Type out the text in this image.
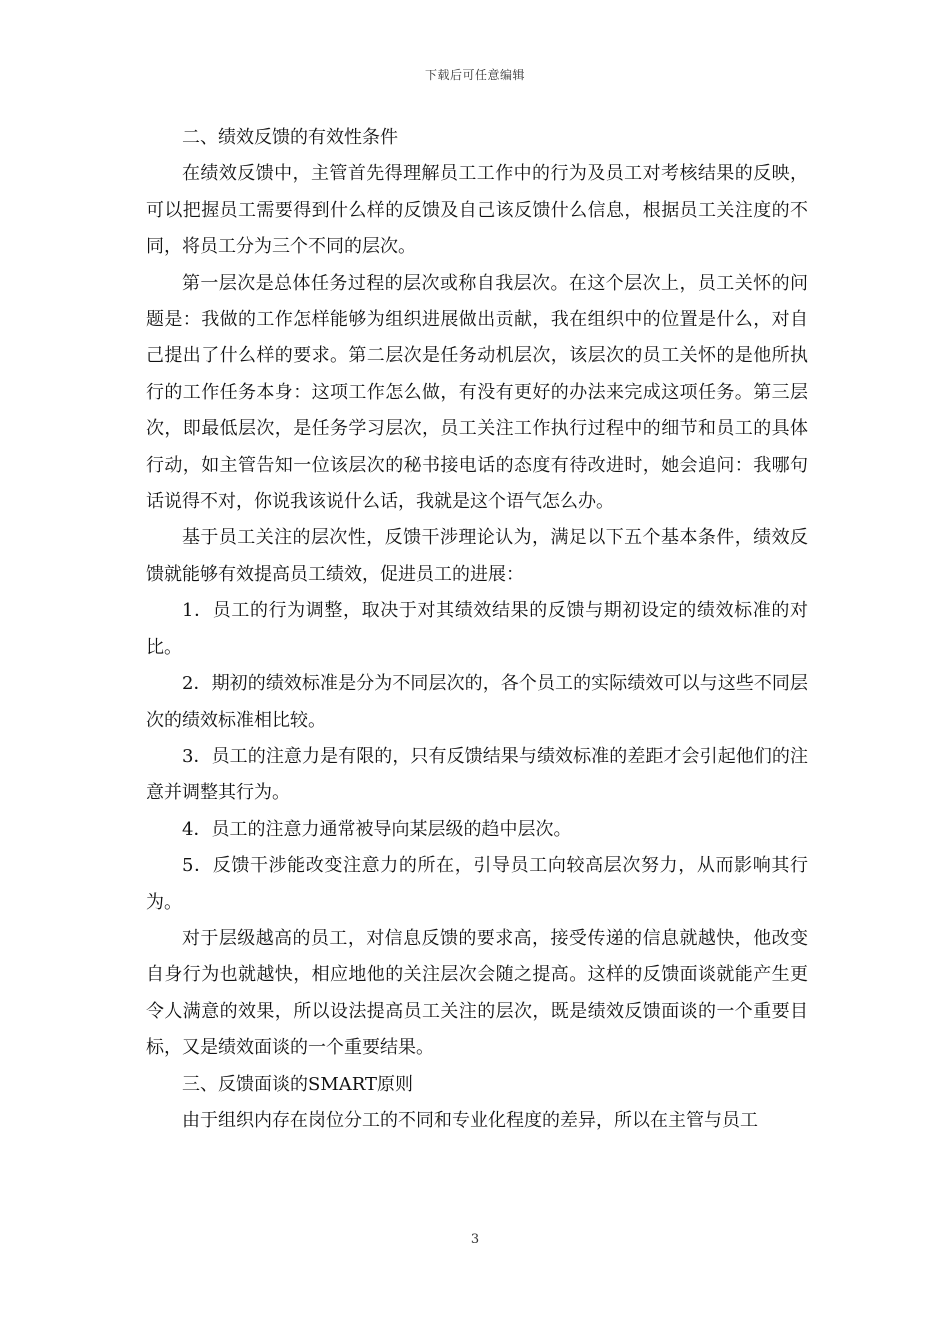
下载后可任意编辑

二、绩效反馈的有效性条件

在绩效反馈中，主管首先得理解员工工作中的行为及员工对考核结果的反映，可以把握员工需要得到什么样的反馈及自己该反馈什么信息，根据员工关注度的不同，将员工分为三个不同的层次。

第一层次是总体任务过程的层次或称自我层次。在这个层次上，员工关怀的问题是：我做的工作怎样能够为组织进展做出贡献，我在组织中的位置是什么，对自己提出了什么样的要求。第二层次是任务动机层次，该层次的员工关怀的是他所执行的工作任务本身：这项工作怎么做，有没有更好的办法来完成这项任务。第三层次，即最低层次，是任务学习层次，员工关注工作执行过程中的细节和员工的具体行动，如主管告知一位该层次的秘书接电话的态度有待改进时，她会追问：我哪句话说得不对，你说我该说什么话，我就是这个语气怎么办。

基于员工关注的层次性，反馈干涉理论认为，满足以下五个基本条件，绩效反馈就能够有效提高员工绩效，促进员工的进展：

1．员工的行为调整，取决于对其绩效结果的反馈与期初设定的绩效标准的对比。

2．期初的绩效标准是分为不同层次的，各个员工的实际绩效可以与这些不同层次的绩效标准相比较。

3．员工的注意力是有限的，只有反馈结果与绩效标准的差距才会引起他们的注意并调整其行为。

4．员工的注意力通常被导向某层级的趋中层次。

5．反馈干涉能改变注意力的所在，引导员工向较高层次努力，从而影响其行为。

对于层级越高的员工，对信息反馈的要求高，接受传递的信息就越快，他改变自身行为也就越快，相应地他的关注层次会随之提高。这样的反馈面谈就能产生更令人满意的效果，所以设法提高员工关注的层次，既是绩效反馈面谈的一个重要目标，又是绩效面谈的一个重要结果。

三、反馈面谈的SMART原则

由于组织内存在岗位分工的不同和专业化程度的差异，所以在主管与员工

3
